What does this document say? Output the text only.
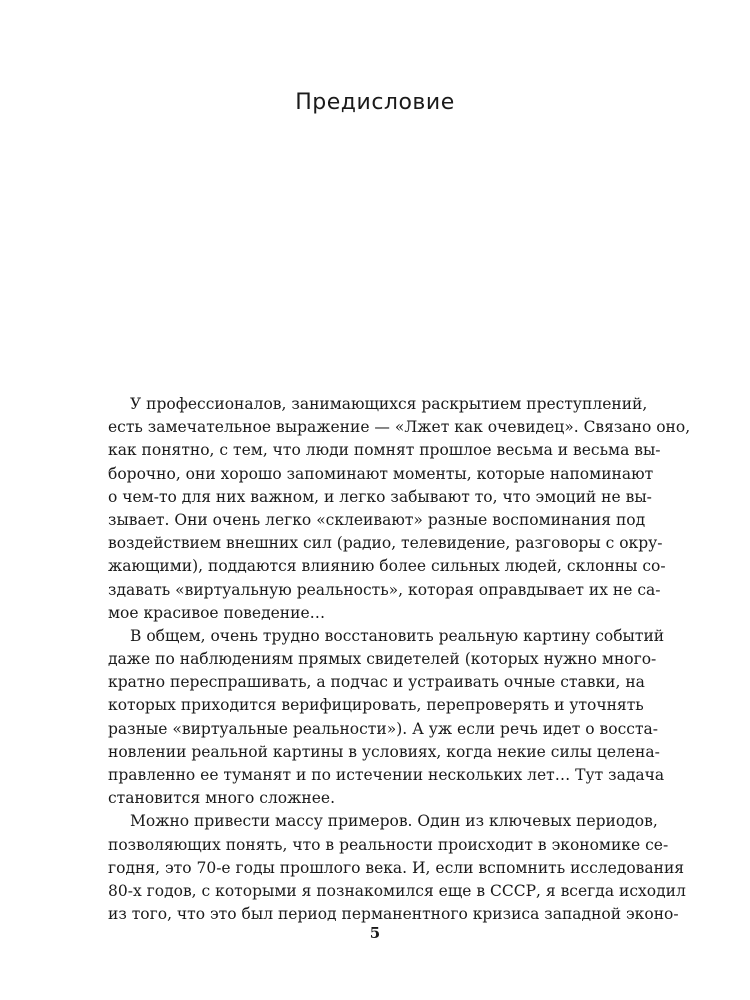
Предисловие
У профессионалов, занимающихся раскрытием преступлений,
есть замечательное выражение — «Лжет как очевидец». Связано оно,
как понятно, с тем, что люди помнят прошлое весьма и весьма вы-
борочно, они хорошо запоминают моменты, которые напоминают
о чем-то для них важном, и легко забывают то, что эмоций не вы-
зывает. Они очень легко «склеивают» разные воспоминания под
воздействием внешних сил (радио, телевидение, разговоры с окру-
жающими), поддаются влиянию более сильных людей, склонны со-
здавать «виртуальную реальность», которая оправдывает их не са-
мое красивое поведение…
В общем, очень трудно восстановить реальную картину событий
даже по наблюдениям прямых свидетелей (которых нужно много-
кратно переспрашивать, а подчас и устраивать очные ставки, на
которых приходится верифицировать, перепроверять и уточнять
разные «виртуальные реальности»). А уж если речь идет о восста-
новлении реальной картины в условиях, когда некие силы целена-
правленно ее туманят и по истечении нескольких лет… Тут задача
становится много сложнее.
Можно привести массу примеров. Один из ключевых периодов,
позволяющих понять, что в реальности происходит в экономике се-
годня, это 70-е годы прошлого века. И, если вспомнить исследования
80-х годов, с которыми я познакомился еще в СССР, я всегда исходил
из того, что это был период перманентного кризиса западной эконо-
5
